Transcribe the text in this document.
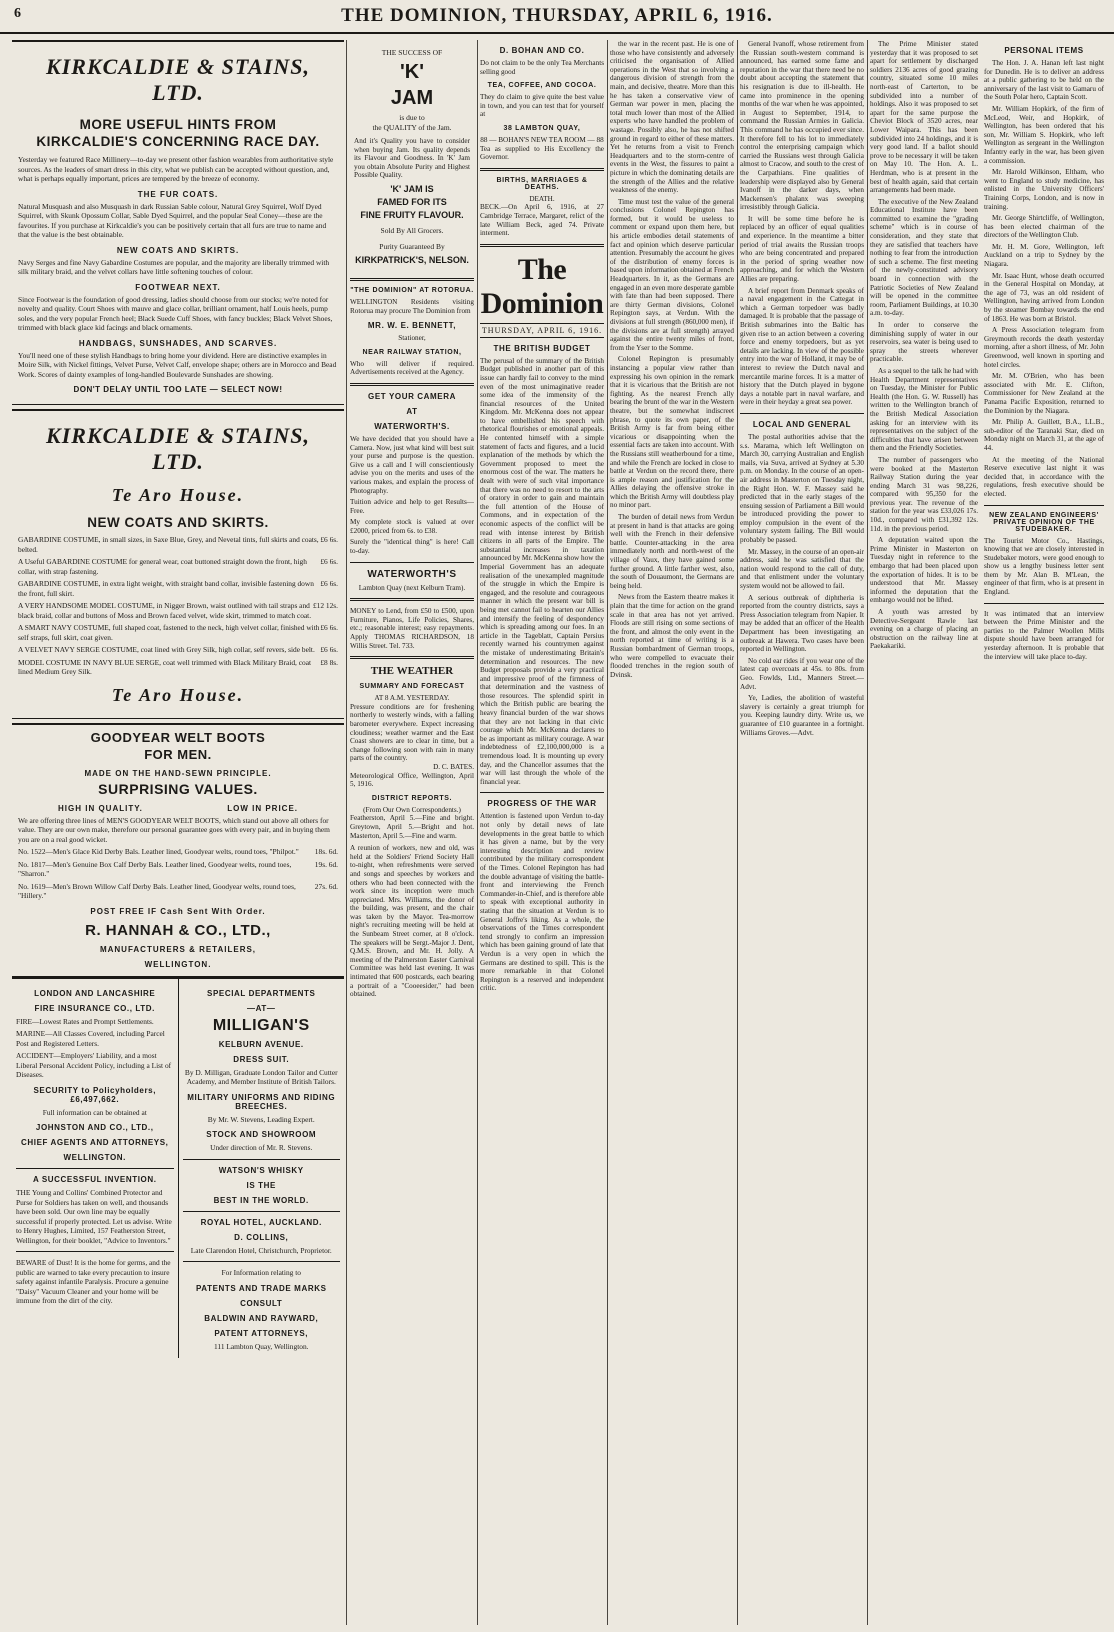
6	THE DOMINION, THURSDAY, APRIL 6, 1916.
KIRKCALDIE & STAINS, LTD.
MORE USEFUL HINTS FROM
KIRKCALDIE'S CONCERNING RACE DAY.
Yesterday we featured Race Millinery—to-day we present other fashion wearables from authoritative style sources. As the leaders of smart dress in this city, what we publish can be accepted without question, and, what is perhaps equally important, prices are tempered by the breeze of economy.
THE FUR COATS.
Natural Musquash and also Musquash in dark Russian Sable colour, Natural Grey Squirrel, Wolf Dyed Squirrel, with Skunk Opossum Collar, Sable Dyed Squirrel, and the popular Seal Coney—these are the favourites. If you purchase at Kirkcaldie's you can be positively certain that all furs are true to name and that the value is the best obtainable.
NEW COATS AND SKIRTS.
Navy Serges and fine Navy Gabardine Costumes are popular, and the majority are liberally trimmed with silk military braid, and the velvet collars have little softening touches of colour.
FOOTWEAR NEXT.
Since Footwear is the foundation of good dressing, ladies should choose from our stocks; we're noted for novelty and quality. Court Shoes with mauve and glace collar, brilliant ornament, half Louis heels, pump soles, and the very popular French heel; Black Suede Cuff Shoes, with fancy buckles; Black Velvet Shoes, trimmed with black glace kid facings and black ornaments.
HANDBAGS, SUNSHADES, AND SCARVES.
You'll need one of these stylish Handbags to bring home your dividend. Here are distinctive examples in Moire Silk, with Nickel fittings, Velvet Purse, Velvet Calf, envelope shape; others are in Morocco and Bead Work. Scores of dainty examples of long-handled Boulevarde Sunshades are showing.
DON'T DELAY UNTIL TOO LATE — SELECT NOW!
KIRKCALDIE & STAINS, LTD.
Te Aro House.
NEW COATS AND SKIRTS.
£6 6s.
GABARDINE COSTUME, in small sizes, in Saxe Blue, Grey, and Nevetal tints, full skirts and coats, belted.
£6 6s.
A Useful GABARDINE COSTUME for general wear, coat buttoned straight down the front, high collar, with strap fastening.
£6 6s.
GABARDINE COSTUME, in extra light weight, with straight band collar, invisible fastening down the front, full skirt.
£12 12s.
A VERY HANDSOME MODEL COSTUME, in Nigger Brown, waist outlined with tail straps and black braid, collar and buttons of Moss and Brown faced velvet, wide skirt, trimmed to match coat.
£6 6s.
A SMART NAVY COSTUME, full shaped coat, fastened to the neck, high velvet collar, finished with self straps, full skirt, coat given.
£6 6s.
A VELVET NAVY SERGE COSTUME, coat lined with Grey Silk, high collar, self revers, side belt.
£8 8s.
MODEL COSTUME IN NAVY BLUE SERGE, coat well trimmed with Black Military Braid, coat lined Medium Grey Silk.
Te Aro House.
GOODYEAR WELT BOOTS
FOR MEN.
MADE ON THE HAND-SEWN PRINCIPLE.
SURPRISING VALUES.
HIGH IN QUALITY.	LOW IN PRICE.
We are offering three lines of MEN'S GOODYEAR WELT BOOTS, which stand out above all others for value. They are our own make, therefore our personal guarantee goes with every pair, and in buying them you are on a real good wicket.
18s. 6d.
No. 1522—Men's Glace Kid Derby Bals. Leather lined, Goodyear welts, round toes, "Philpot."
19s. 6d.
No. 1817—Men's Genuine Box Calf Derby Bals. Leather lined, Goodyear welts, round toes, "Sharron."
27s. 6d.
No. 1619—Men's Brown Willow Calf Derby Bals. Leather lined, Goodyear welts, round toes, "Hillery."
POST FREE IF Cash Sent With Order.
R. HANNAH & CO., LTD.,
MANUFACTURERS & RETAILERS,
WELLINGTON.
LONDON AND LANCASHIRE
FIRE INSURANCE CO., LTD.
FIRE—Lowest Rates and Prompt Settlements.
MARINE—All Classes Covered, including Parcel Post and Registered Letters.
ACCIDENT—Employers' Liability, and a most Liberal Personal Accident Policy, including a List of Diseases.
SECURITY to Policyholders, £6,497,662.
Full information can be obtained at
JOHNSTON AND CO., LTD.,
CHIEF AGENTS AND ATTORNEYS,
WELLINGTON.
A SUCCESSFUL INVENTION.
THE Young and Collins' Combined Protector and Purse for Soldiers has taken on well, and thousands have been sold. Our own line may be equally successful if properly protected. Let us advise. Write to Henry Hughes, Limited, 157 Featherston Street, Wellington, for their booklet, "Advice to Inventors."
BEWARE of Dust! It is the home for germs, and the public are warned to take every precaution to insure safety against infantile Paralysis. Procure a genuine "Daisy" Vacuum Cleaner and your home will be immune from the dirt of the city.
SPECIAL DEPARTMENTS
—AT—
MILLIGAN'S
KELBURN AVENUE.
DRESS SUIT.
By D. Milligan, Graduate London Tailor and Cutter Academy, and Member Institute of British Tailors.
MILITARY UNIFORMS AND RIDING BREECHES.
By Mr. W. Stevens, Leading Expert.
STOCK AND SHOWROOM
Under direction of Mr. R. Stevens.
WATSON'S WHISKY
IS THE
BEST IN THE WORLD.
ROYAL HOTEL, AUCKLAND.
D. COLLINS,
Late Clarendon Hotel, Christchurch, Proprietor.
For Information relating to
PATENTS AND TRADE MARKS
CONSULT
BALDWIN AND RAYWARD,
PATENT ATTORNEYS,
111 Lambton Quay, Wellington.
THE SUCCESS OF
'K'
JAM
is due to
the QUALITY of the Jam.
And it's Quality you have to consider when buying Jam. Its quality depends its Flavour and Goodness. In 'K' Jam you obtain Absolute Purity and Highest Possible Quality.
'K' JAM IS
FAMED FOR ITS
FINE FRUITY FLAVOUR.
Sold By All Grocers.
Purity Guaranteed By
KIRKPATRICK'S, NELSON.
"THE DOMINION" AT ROTORUA.
WELLINGTON Residents visiting Rotorua may procure The Dominion from
MR. W. E. BENNETT,
Stationer,
NEAR RAILWAY STATION,
Who will deliver if required. Advertisements received at the Agency.
GET YOUR CAMERA
AT
WATERWORTH'S.
We have decided that you should have a Camera. Now, just what kind will best suit your purse and purpose is the question. Give us a call and I will conscientiously advise you on the merits and uses of the various makes, and explain the process of Photography.
Tuition advice and help to get Results—Free.
My complete stock is valued at over £2000, priced from 6s. to £38.
Surely the "identical thing" is here! Call to-day.
WATERWORTH'S
Lambton Quay (next Kelburn Tram).
MONEY to Lend, from £50 to £500, upon Furniture, Pianos, Life Policies, Shares, etc.; reasonable interest; easy repayments. Apply THOMAS RICHARDSON, 18 Willis Street. Tel. 733.
THE WEATHER
SUMMARY AND FORECAST
AT 8 A.M. YESTERDAY.
Pressure conditions are for freshening northerly to westerly winds, with a falling barometer everywhere. Expect increasing cloudiness; weather warmer and the East Coast showers are to clear in time, but a change following soon with rain in many parts of the country.
D. C. BATES.
Meteorological Office, Wellington, April 5, 1916.
DISTRICT REPORTS.
(From Our Own Correspondents.)
Featherston, April 5.—Fine and bright. Greytown, April 5.—Bright and hot. Masterton, April 5.—Fine and warm.
A reunion of workers, new and old, was held at the Soldiers' Friend Society Hall to-night, when refreshments were served and songs and speeches by workers and others who had been connected with the work since its inception were much appreciated. Mrs. Williams, the donor of the building, was present, and the chair was taken by the Mayor. Tea-morrow night's recruiting meeting will be held at the Sunbeam Street corner, at 8 o'clock. The speakers will be Sergt.-Major J. Dent, Q.M.S. Brown, and Mr. H. Jolly. A meeting of the Palmerston Easter Carnival Committee was held last evening. It was intimated that 600 postcards, each bearing a portrait of a "Cooeesider," had been obtained.

D. BOHAN AND CO.
Do not claim to be the only Tea Merchants selling good
TEA, COFFEE, AND COCOA.
They do claim to give quite the best value in town, and you can test that for yourself at
38 LAMBTON QUAY,
88 — BOHAN'S NEW TEA ROOM — 88
Tea as supplied to His Excellency the Governor.
BIRTHS, MARRIAGES & DEATHS.
DEATH.
BECK.—On April 6, 1916, at 27 Cambridge Terrace, Margaret, relict of the late William Beck, aged 74. Private interment.
The Dominion
THURSDAY, APRIL 6, 1916.
THE BRITISH BUDGET
The perusal of the summary of the British Budget published in another part of this issue can hardly fail to convey to the mind even of the most unimaginative reader some idea of the immensity of the financial resources of the United Kingdom. Mr. McKenna does not appear to have embellished his speech with rhetorical flourishes or emotional appeals. He contented himself with a simple statement of facts and figures, and a lucid explanation of the methods by which the Government proposed to meet the enormous cost of the war. The matters he dealt with were of such vital importance that there was no need to resort to the arts of oratory in order to gain and maintain the full attention of the House of Commons, and in expectation of the economic aspects of the conflict will be read with intense interest by British citizens in all parts of the Empire. The substantial increases in taxation announced by Mr. McKenna show how the Imperial Government has an adequate realisation of the unexampled magnitude of the struggle in which the Empire is engaged, and the resolute and courageous manner in which the present war bill is being met cannot fail to hearten our Allies and intensify the feeling of despondency which is spreading among our foes. In an article in the Tageblatt, Captain Persius recently warned his countrymen against the mistake of underestimating Britain's determination and resources. The new Budget proposals provide a very practical and impressive proof of the firmness of that determination and the vastness of those resources. The splendid spirit in which the British public are bearing the heavy financial burden of the war shows that they are not lacking in that civic courage which Mr. McKenna declares to be as important as military courage. A war indebtedness of £2,100,000,000 is a tremendous load. It is mounting up every day, and the Chancellor assumes that the war will last through the whole of the financial year.
PROGRESS OF THE WAR
Attention is fastened upon Verdun to-day not only by detail news of late developments in the great battle to which it has given a name, but by the very interesting description and review contributed by the military correspondent of the Times. Colonel Repington has had the double advantage of visiting the battle-front and interviewing the French Commander-in-Chief, and is therefore able to speak with exceptional authority in stating that the situation at Verdun is to General Joffre's liking. As a whole, the observations of the Times correspondent tend strongly to confirm an impression which has been gaining ground of late that Verdun is a very open in which the Germans are destined to spill. This is the more remarkable in that Colonel Repington is a reserved and independent critic.

the war in the recent past. He is one of those who have consistently and adversely criticised the organisation of Allied operations in the West that so involving a dangerous division of strength from the main, and decisive, theatre. More than this he has taken a conservative view of German war power in men, placing the total much lower than most of the Allied experts who have handled the problem of wastage. Possibly also, he has not shifted ground in regard to either of these matters. Yet he returns from a visit to French Headquarters and to the storm-centre of events in the West, the fissures to paint a picture in which the dominating details are the strength of the Allies and the relative weakness of the enemy.

Time must test the value of the general conclusions Colonel Repington has formed, but it would be useless to comment or expand upon them here, but his article embodies detail statements of fact and opinion which deserve particular attention. Presumably the account he gives of the distribution of enemy forces is based upon information obtained at French Headquarters. In it, as the Germans are engaged in an even more desperate gamble with fate than had been supposed. There are thirty German divisions, Colonel Repington says, at Verdun. With the divisions at full strength (860,000 men), if the divisions are at full strength) arrayed against the entire twenty miles of front, from the Yser to the Somme.

Colonel Repington is presumably instancing a popular view rather than expressing his own opinion in the remark that it is vicarious that the British are not fighting. As the nearest French ally bearing the brunt of the war in the Western theatre, but the somewhat indiscreet phrase, to quote its own paper, of the British Army is far from being either vicarious or disappointing when the essential facts are taken into account. With the Russians still weatherbound for a time, and while the French are locked in close to battle at Verdun on the record there, there is ample reason and justification for the Allies delaying the offensive stroke in which the British Army will doubtless play no minor part.

The burden of detail news from Verdun at present in hand is that attacks are going well with the French in their defensive battle. Counter-attacking in the area immediately north and north-west of the village of Vaux, they have gained some further ground. A little farther west, also, the south of Douaumont, the Germans are being held.

News from the Eastern theatre makes it plain that the time for action on the grand scale in that area has not yet arrived. Floods are still rising on some sections of the front, and almost the only event in the north reported at time of writing is a Russian bombardment of German troops, who were compelled to evacuate their flooded trenches in the region south of Dvinsk.

General Ivanoff, whose retirement from the Russian south-western command is announced, has earned some fame and reputation in the war that there need be no doubt about accepting the statement that his resignation is due to ill-health. He came into prominence in the opening months of the war when he was appointed, in August to September, 1914, to command the Russian Armies in Galicia. This command he has occupied ever since. It therefore fell to his lot to immediately control the enterprising campaign which carried the Russians west through Galicia almost to Cracow, and south to the crest of the Carpathians. Fine qualities of leadership were displayed also by General Ivanoff in the darker days, when Mackensen's phalanx was sweeping irresistibly through Galicia.

It will be some time before he is replaced by an officer of equal qualities and experience. In the meantime a bitter period of trial awaits the Russian troops who are being concentrated and prepared in the period of spring weather now approaching, and for which the Western Allies are preparing.

A brief report from Denmark speaks of a naval engagement in the Cattegat in which a German torpedoer was badly damaged. It is probable that the passage of British submarines into the Baltic has given rise to an action between a covering force and enemy torpedoers, but as yet details are lacking. In view of the possible entry into the war of Holland, it may be of interest to review the Dutch naval and mercantile marine forces. It is a matter of history that the Dutch played in bygone days a notable part in naval warfare, and were in their heyday a great sea power.

LOCAL AND GENERAL

The postal authorities advise that the s.s. Marama, which left Wellington on March 30, carrying Australian and English mails, via Suva, arrived at Sydney at 5.30 p.m. on Monday. In the course of an open-air address in Masterton on Tuesday night, the Right Hon. W. F. Massey said he predicted that in the early stages of the ensuing session of Parliament a Bill would be introduced providing the power to employ compulsion in the event of the voluntary system failing. The Bill would probably be passed.

Mr. Massey, in the course of an open-air address, said he was satisfied that the nation would respond to the call of duty, and that enlistment under the voluntary system would not be allowed to fail.

A serious outbreak of diphtheria is reported from the country districts, says a Press Association telegram from Napier. It may be added that an officer of the Health Department has been investigating an outbreak at Hawera. Two cases have been reported in Wellington.

No cold ear rides if you wear one of the latest cap overcoats at 45s. to 80s. from Geo. Fowlds, Ltd., Manners Street.—Advt.

Ye, Ladies, the abolition of wasteful slavery is certainly a great triumph for you. Keeping laundry dirty. Write us, we guarantee of £10 guarantee in a fortnight. Williams Groves.—Advt.

The Prime Minister stated yesterday that it was proposed to set apart for settlement by discharged soldiers 2136 acres of good grazing country, situated some 10 miles north-east of Carterton, to be subdivided into a number of holdings. Also it was proposed to set apart for the same purpose the Cheviot Block of 3520 acres, near Lower Waipara. This has been subdivided into 24 holdings, and it is very good land. If a ballot should prove to be necessary it will be taken on May 10. The Hon. A. L. Herdman, who is at present in the best of health again, said that certain arrangements had been made.

The executive of the New Zealand Educational Institute have been committed to examine the "grading scheme" which is in course of consideration, and they state that they are satisfied that teachers have nothing to fear from the introduction of such a scheme. The first meeting of the newly-constituted advisory board in connection with the Patriotic Societies of New Zealand will be opened in the committee room, Parliament Buildings, at 10.30 a.m. to-day.

In order to conserve the diminishing supply of water in our reservoirs, sea water is being used to spray the streets wherever practicable.

As a sequel to the talk he had with Health Department representatives on Tuesday, the Minister for Public Health (the Hon. G. W. Russell) has written to the Wellington branch of the British Medical Association asking for an interview with its representatives on the subject of the difficulties that have arisen between them and the Friendly Societies.

The number of passengers who were booked at the Masterton Railway Station during the year ending March 31 was 98,226, compared with 95,350 for the previous year. The revenue of the station for the year was £33,026 17s. 10d., compared with £31,392 12s. 11d. in the previous period.

A deputation waited upon the Prime Minister in Masterton on Tuesday night in reference to the embargo that had been placed upon the exportation of hides. It is to be understood that Mr. Massey informed the deputation that the embargo would not be lifted.

A youth was arrested by Detective-Sergeant Rawle last evening on a charge of placing an obstruction on the railway line at Paekakariki.

PERSONAL ITEMS

The Hon. J. A. Hanan left last night for Dunedin. He is to deliver an address at a public gathering to be held on the anniversary of the last visit to Gamaru of the South Polar hero, Captain Scott.

Mr. William Hopkirk, of the firm of McLeod, Weir, and Hopkirk, of Wellington, has been ordered that his son, Mr. William S. Hopkirk, who left Wellington as sergeant in the Wellington Infantry early in the war, has been given a commission.

Mr. Harold Wilkinson, Eltham, who went to England to study medicine, has enlisted in the University Officers' Training Corps, London, and is now in training.

Mr. George Shirtcliffe, of Wellington, has been elected chairman of the directors of the Wellington Club.

Mr. H. M. Gore, Wellington, left Auckland on a trip to Sydney by the Niagara.

Mr. Isaac Hunt, whose death occurred in the General Hospital on Monday, at the age of 73, was an old resident of Wellington, having arrived from London by the steamer Bombay towards the end of 1863. He was born at Bristol.

A Press Association telegram from Greymouth records the death yesterday morning, after a short illness, of Mr. John Greenwood, well known in sporting and hotel circles.

Mr. M. O'Brien, who has been associated with Mr. E. Clifton, Commissioner for New Zealand at the Panama Pacific Exposition, returned to the Dominion by the Niagara.

Mr. Philip A. Guillett, B.A., LL.B., sub-editor of the Taranaki Star, died on Monday night on March 31, at the age of 44.

At the meeting of the National Reserve executive last night it was decided that, in accordance with the regulations, fresh executive should be elected.

NEW ZEALAND ENGINEERS' PRIVATE OPINION OF THE STUDEBAKER.
The Tourist Motor Co., Hastings, knowing that we are closely interested in Studebaker motors, were good enough to show us a lengthy business letter sent them by Mr. Alan B. M'Lean, the engineer of that firm, who is at present in England.
It was intimated that an interview between the Prime Minister and the parties to the Palmer Woollen Mills dispute should have been arranged for yesterday afternoon. It is probable that the interview will take place to-day.
